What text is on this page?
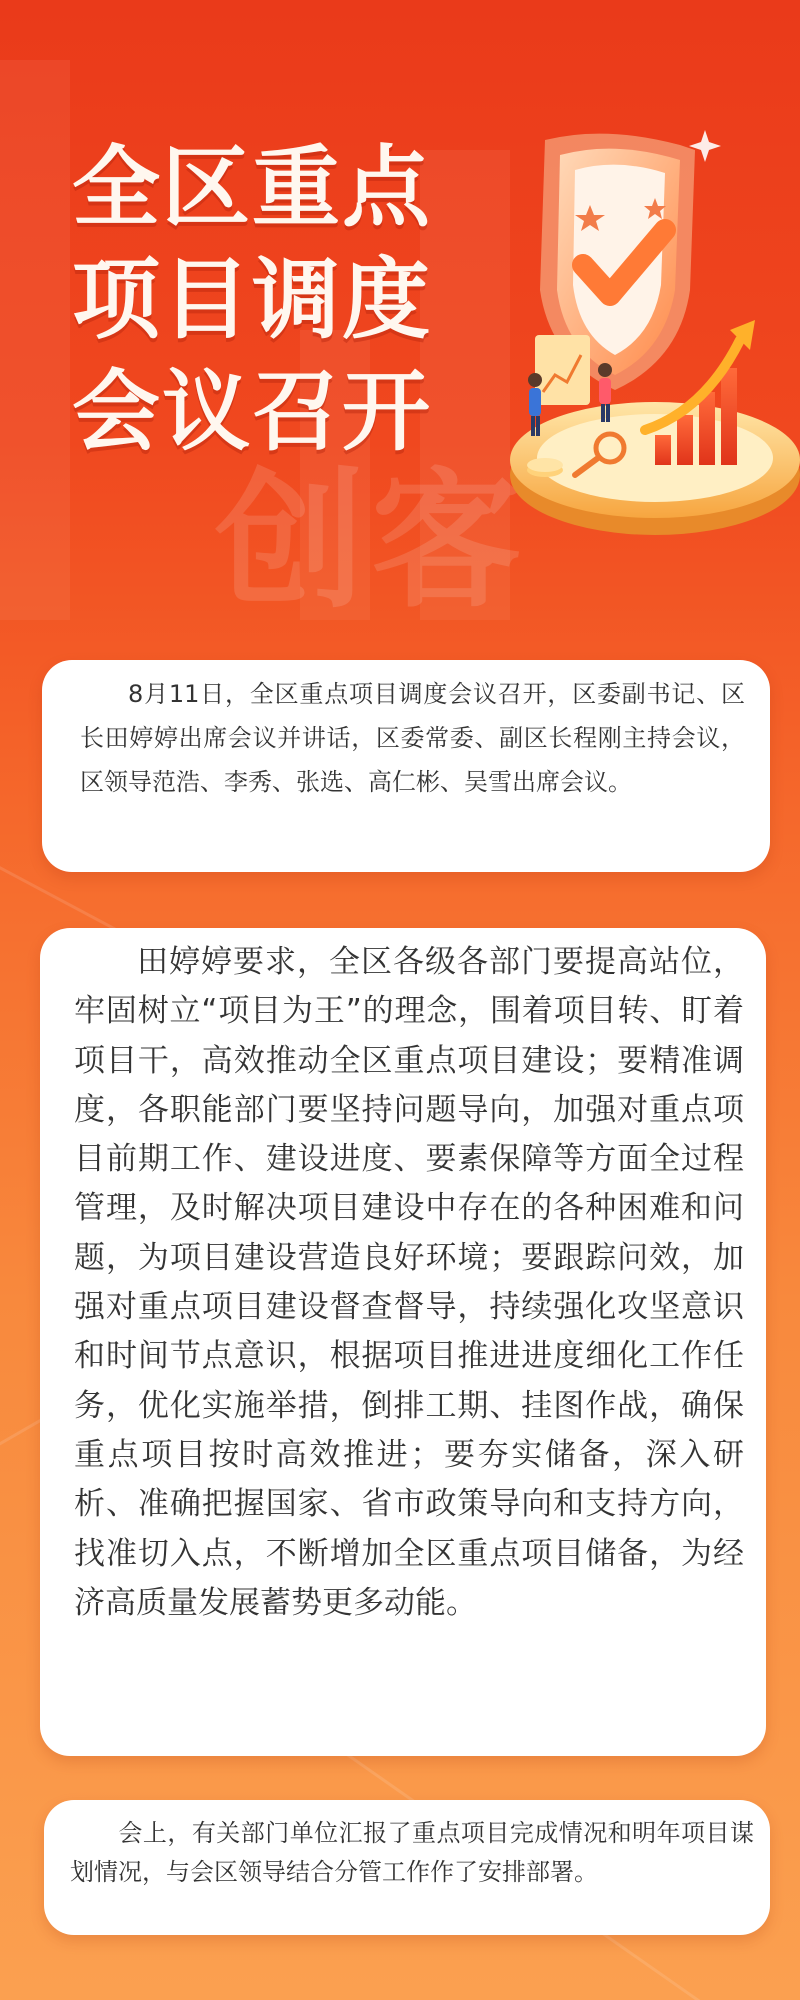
创客
全区重点
项目调度
会议召开

8月11日，全区重点项目调度会议召开，区委副书记、区长田婷婷出席会议并讲话，区委常委、副区长程刚主持会议，区领导范浩、李秀、张选、高仁彬、吴雪出席会议。

田婷婷要求，全区各级各部门要提高站位，牢固树立“项目为王”的理念，围着项目转、盯着项目干，高效推动全区重点项目建设；要精准调度，各职能部门要坚持问题导向，加强对重点项目前期工作、建设进度、要素保障等方面全过程管理，及时解决项目建设中存在的各种困难和问题，为项目建设营造良好环境；要跟踪问效，加强对重点项目建设督查督导，持续强化攻坚意识和时间节点意识，根据项目推进进度细化工作任务，优化实施举措，倒排工期、挂图作战，确保重点项目按时高效推进；要夯实储备，深入研析、准确把握国家、省市政策导向和支持方向，找准切入点，不断增加全区重点项目储备，为经济高质量发展蓄势更多动能。

会上，有关部门单位汇报了重点项目完成情况和明年项目谋划情况，与会区领导结合分管工作作了安排部署。
